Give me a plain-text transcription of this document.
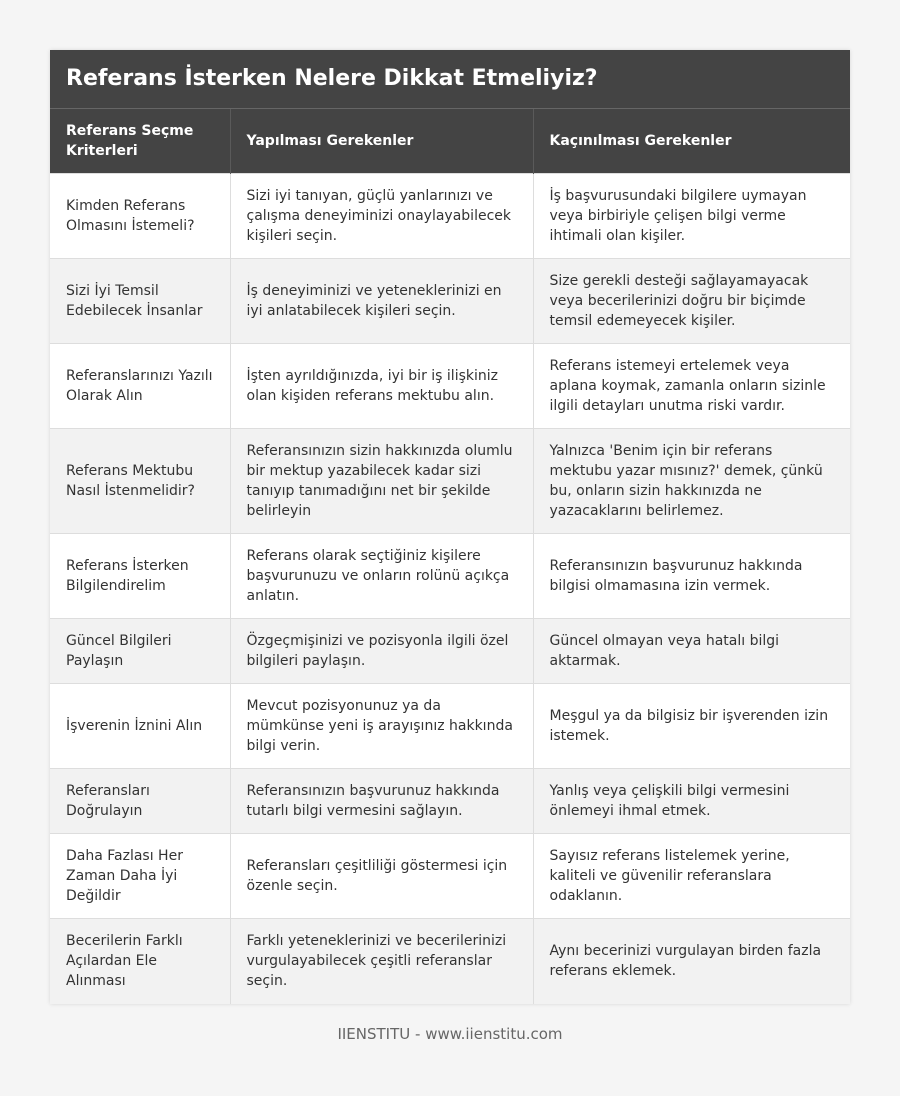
Referans İsterken Nelere Dikkat Etmeliyiz?
Referans Seçme Kriterleri	Yapılması Gerekenler	Kaçınılması Gerekenler
Kimden Referans Olmasını İstemeli?	Sizi iyi tanıyan, güçlü yanlarınızı ve çalışma deneyiminizi onaylayabilecek kişileri seçin.	İş başvurusundaki bilgilere uymayan veya birbiriyle çelişen bilgi verme ihtimali olan kişiler.
Sizi İyi Temsil Edebilecek İnsanlar	İş deneyiminizi ve yeteneklerinizi en iyi anlatabilecek kişileri seçin.	Size gerekli desteği sağlayamayacak veya becerilerinizi doğru bir biçimde temsil edemeyecek kişiler.
Referanslarınızı Yazılı Olarak Alın	İşten ayrıldığınızda, iyi bir iş ilişkiniz olan kişiden referans mektubu alın.	Referans istemeyi ertelemek veya aplana koymak, zamanla onların sizinle ilgili detayları unutma riski vardır.
Referans Mektubu Nasıl İstenmelidir?	Referansınızın sizin hakkınızda olumlu bir mektup yazabilecek kadar sizi tanıyıp tanımadığını net bir şekilde belirleyin	Yalnızca 'Benim için bir referans mektubu yazar mısınız?' demek, çünkü bu, onların sizin hakkınızda ne yazacaklarını belirlemez.
Referans İsterken Bilgilendirelim	Referans olarak seçtiğiniz kişilere başvurunuzu ve onların rolünü açıkça anlatın.	Referansınızın başvurunuz hakkında bilgisi olmamasına izin vermek.
Güncel Bilgileri Paylaşın	Özgeçmişinizi ve pozisyonla ilgili özel bilgileri paylaşın.	Güncel olmayan veya hatalı bilgi aktarmak.
İşverenin İznini Alın	Mevcut pozisyonunuz ya da mümkünse yeni iş arayışınız hakkında bilgi verin.	Meşgul ya da bilgisiz bir işverenden izin istemek.
Referansları Doğrulayın	Referansınızın başvurunuz hakkında tutarlı bilgi vermesini sağlayın.	Yanlış veya çelişkili bilgi vermesini önlemeyi ihmal etmek.
Daha Fazlası Her Zaman Daha İyi Değildir	Referansları çeşitliliği göstermesi için özenle seçin.	Sayısız referans listelemek yerine, kaliteli ve güvenilir referanslara odaklanın.
Becerilerin Farklı Açılardan Ele Alınması	Farklı yeteneklerinizi ve becerilerinizi vurgulayabilecek çeşitli referanslar seçin.	Aynı becerinizi vurgulayan birden fazla referans eklemek.
IIENSTITU - www.iienstitu.com
